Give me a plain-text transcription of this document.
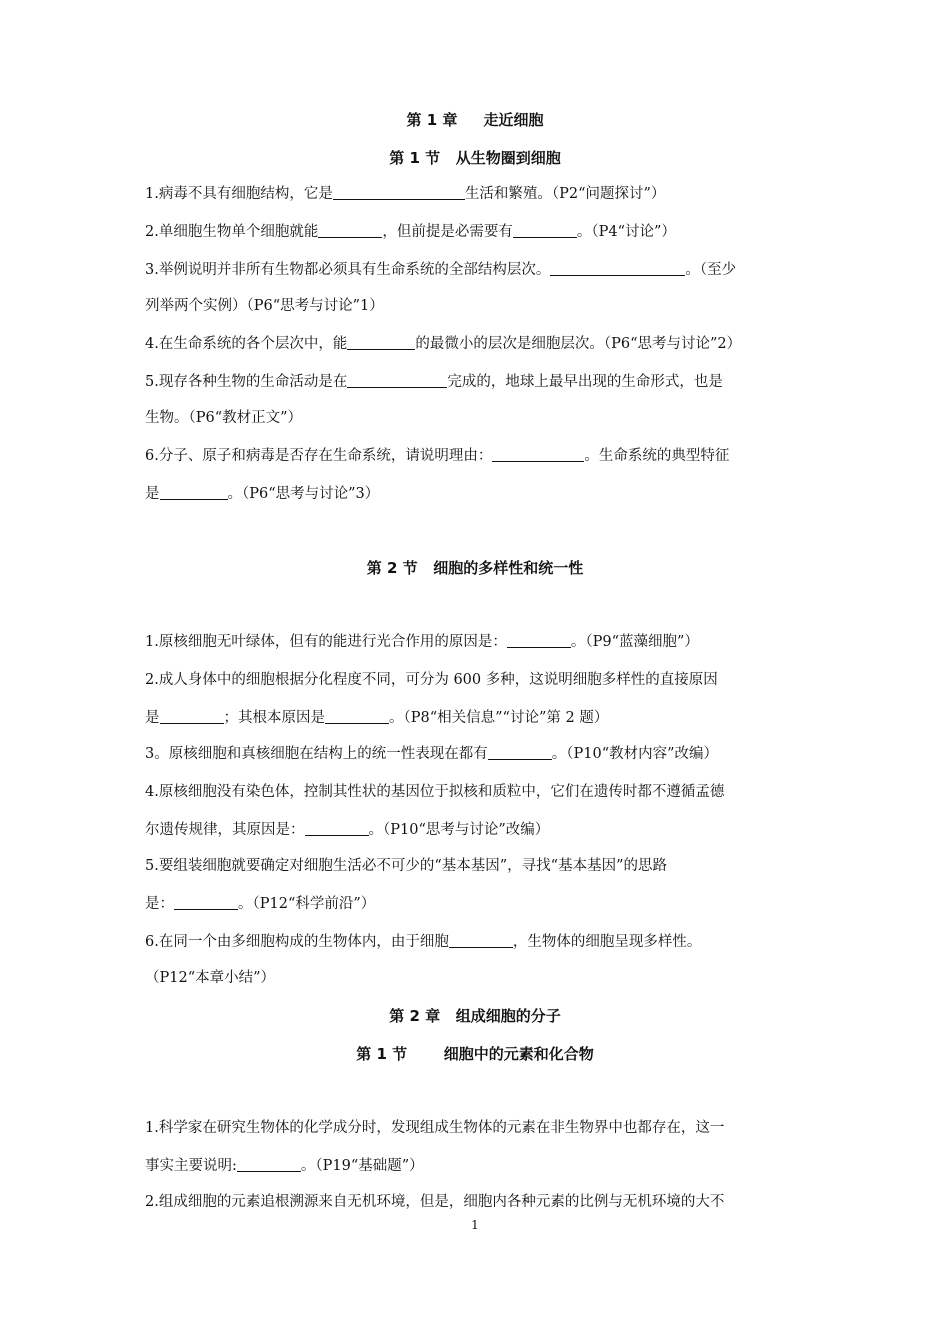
第 1 章     走近细胞
第 1 节   从生物圈到细胞
1.病毒不具有细胞结构，它是	生活和繁殖。（P2“问题探讨”）
2.单细胞生物单个细胞就能	，但前提是必需要有	。（P4“讨论”）
3.举例说明并非所有生物都必须具有生命系统的全部结构层次。	。（至少
列举两个实例）（P6“思考与讨论”1）
4.在生命系统的各个层次中，能	的最微小的层次是细胞层次。（P6“思考与讨论”2）
5.现存各种生物的生命活动是在	完成的，地球上最早出现的生命形式，也是
生物。（P6“教材正文”）
6.分子、原子和病毒是否存在生命系统，请说明理由：	。生命系统的典型特征
是	。（P6“思考与讨论”3）
第 2 节   细胞的多样性和统一性
1.原核细胞无叶绿体，但有的能进行光合作用的原因是：	。（P9“蓝藻细胞”）
2.成人身体中的细胞根据分化程度不同，可分为 600 多种，这说明细胞多样性的直接原因
是	；其根本原因是	。（P8“相关信息”“讨论”第 2 题）
3。原核细胞和真核细胞在结构上的统一性表现在都有	。（P10“教材内容”改编）
4.原核细胞没有染色体，控制其性状的基因位于拟核和质粒中，它们在遗传时都不遵循孟德
尔遗传规律，其原因是：	。（P10“思考与讨论”改编）
5.要组装细胞就要确定对细胞生活必不可少的“基本基因”，寻找“基本基因”的思路
是：	。（P12“科学前沿”）
6.在同一个由多细胞构成的生物体内，由于细胞	，生物体的细胞呈现多样性。
（P12“本章小结”）
第 2 章   组成细胞的分子
第 1 节       细胞中的元素和化合物
1.科学家在研究生物体的化学成分时，发现组成生物体的元素在非生物界中也都存在，这一
事实主要说明:	。（P19“基础题”）
2.组成细胞的元素追根溯源来自无机环境，但是，细胞内各种元素的比例与无机环境的大不
1
